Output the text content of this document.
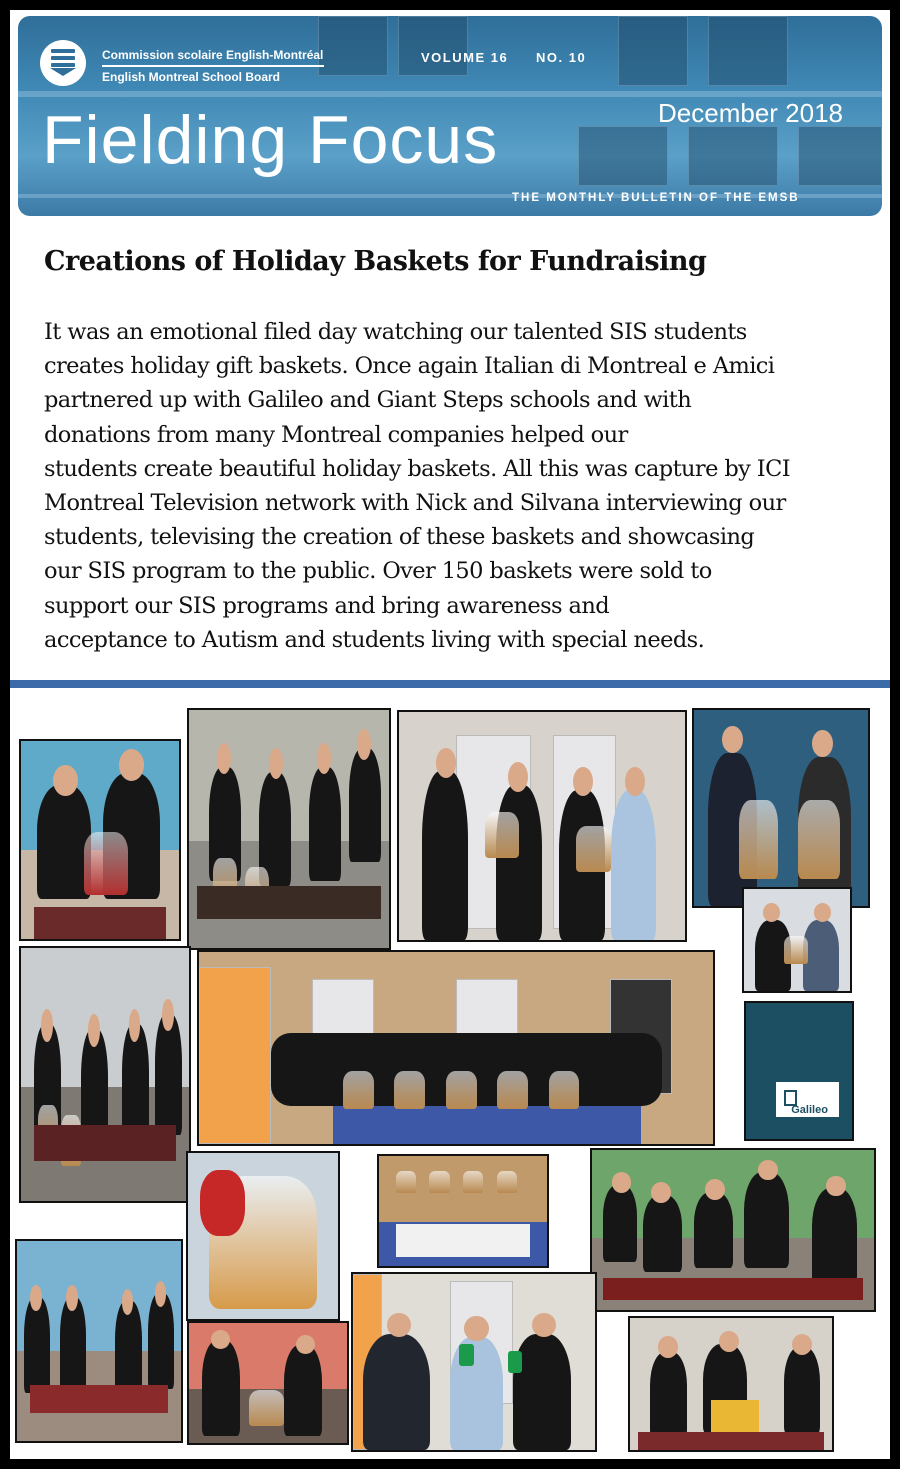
Commission scolaire English-Montréal
English Montreal School Board
VOLUME 16 NO. 10
Fielding Focus	December 2018
THE MONTHLY BULLETIN OF THE EMSB
Creations of Holiday Baskets for Fundraising
It was an emotional filed day watching our talented SIS students
creates holiday gift baskets. Once again Italian di Montreal e Amici
partnered up with Galileo and Giant Steps schools and with
donations from many Montreal companies helped our
students create beautiful holiday baskets. All this was capture by ICI
Montreal Television network with Nick and Silvana interviewing our
students, televising the creation of these baskets and showcasing
our SIS program to the public. Over 150 baskets were sold to
support our SIS programs and bring awareness and
acceptance to Autism and students living with special needs.
Galileo
